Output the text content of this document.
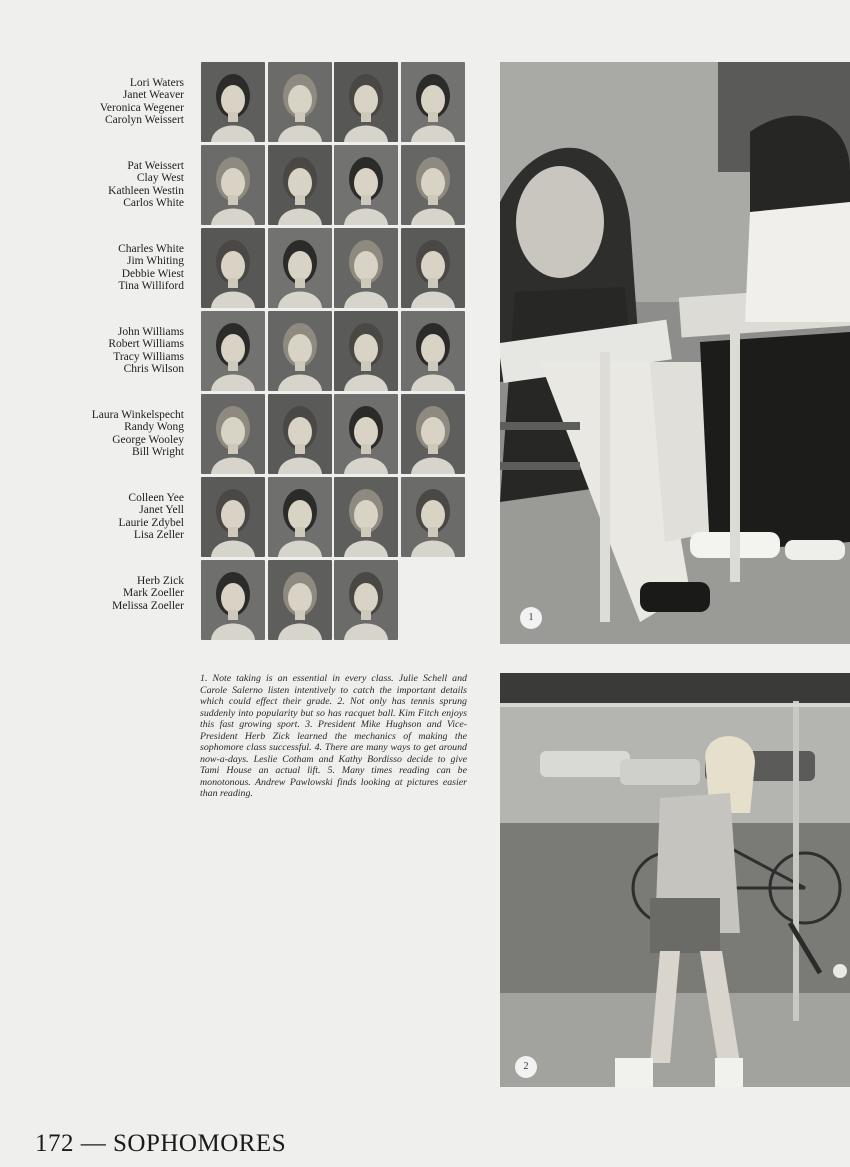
Lori Waters
Janet Weaver
Veronica Wegener
Carolyn Weissert
Pat Weissert
Clay West
Kathleen Westin
Carlos White
Charles White
Jim Whiting
Debbie Wiest
Tina Williford
John Williams
Robert Williams
Tracy Williams
Chris Wilson
Laura Winkelspecht
Randy Wong
George Wooley
Bill Wright
Colleen Yee
Janet Yell
Laurie Zdybel
Lisa Zeller
Herb Zick
Mark Zoeller
Melissa Zoeller
1
2
1. Note taking is an essential in every class. Julie Schell and Carole Salerno listen intentively to catch the important details which could effect their grade. 2. Not only has tennis sprung suddenly into popularity but so has racquet ball. Kim Fitch enjoys this fast growing sport. 3. President Mike Hughson and Vice-President Herb Zick learned the mechanics of making the sophomore class successful. 4. There are many ways to get around now-a-days. Leslie Cotham and Kathy Bordisso decide to give Tami House an actual lift. 5. Many times reading can be monotonous. Andrew Pawlowski finds looking at pictures easier than reading.
172 — SOPHOMORES
